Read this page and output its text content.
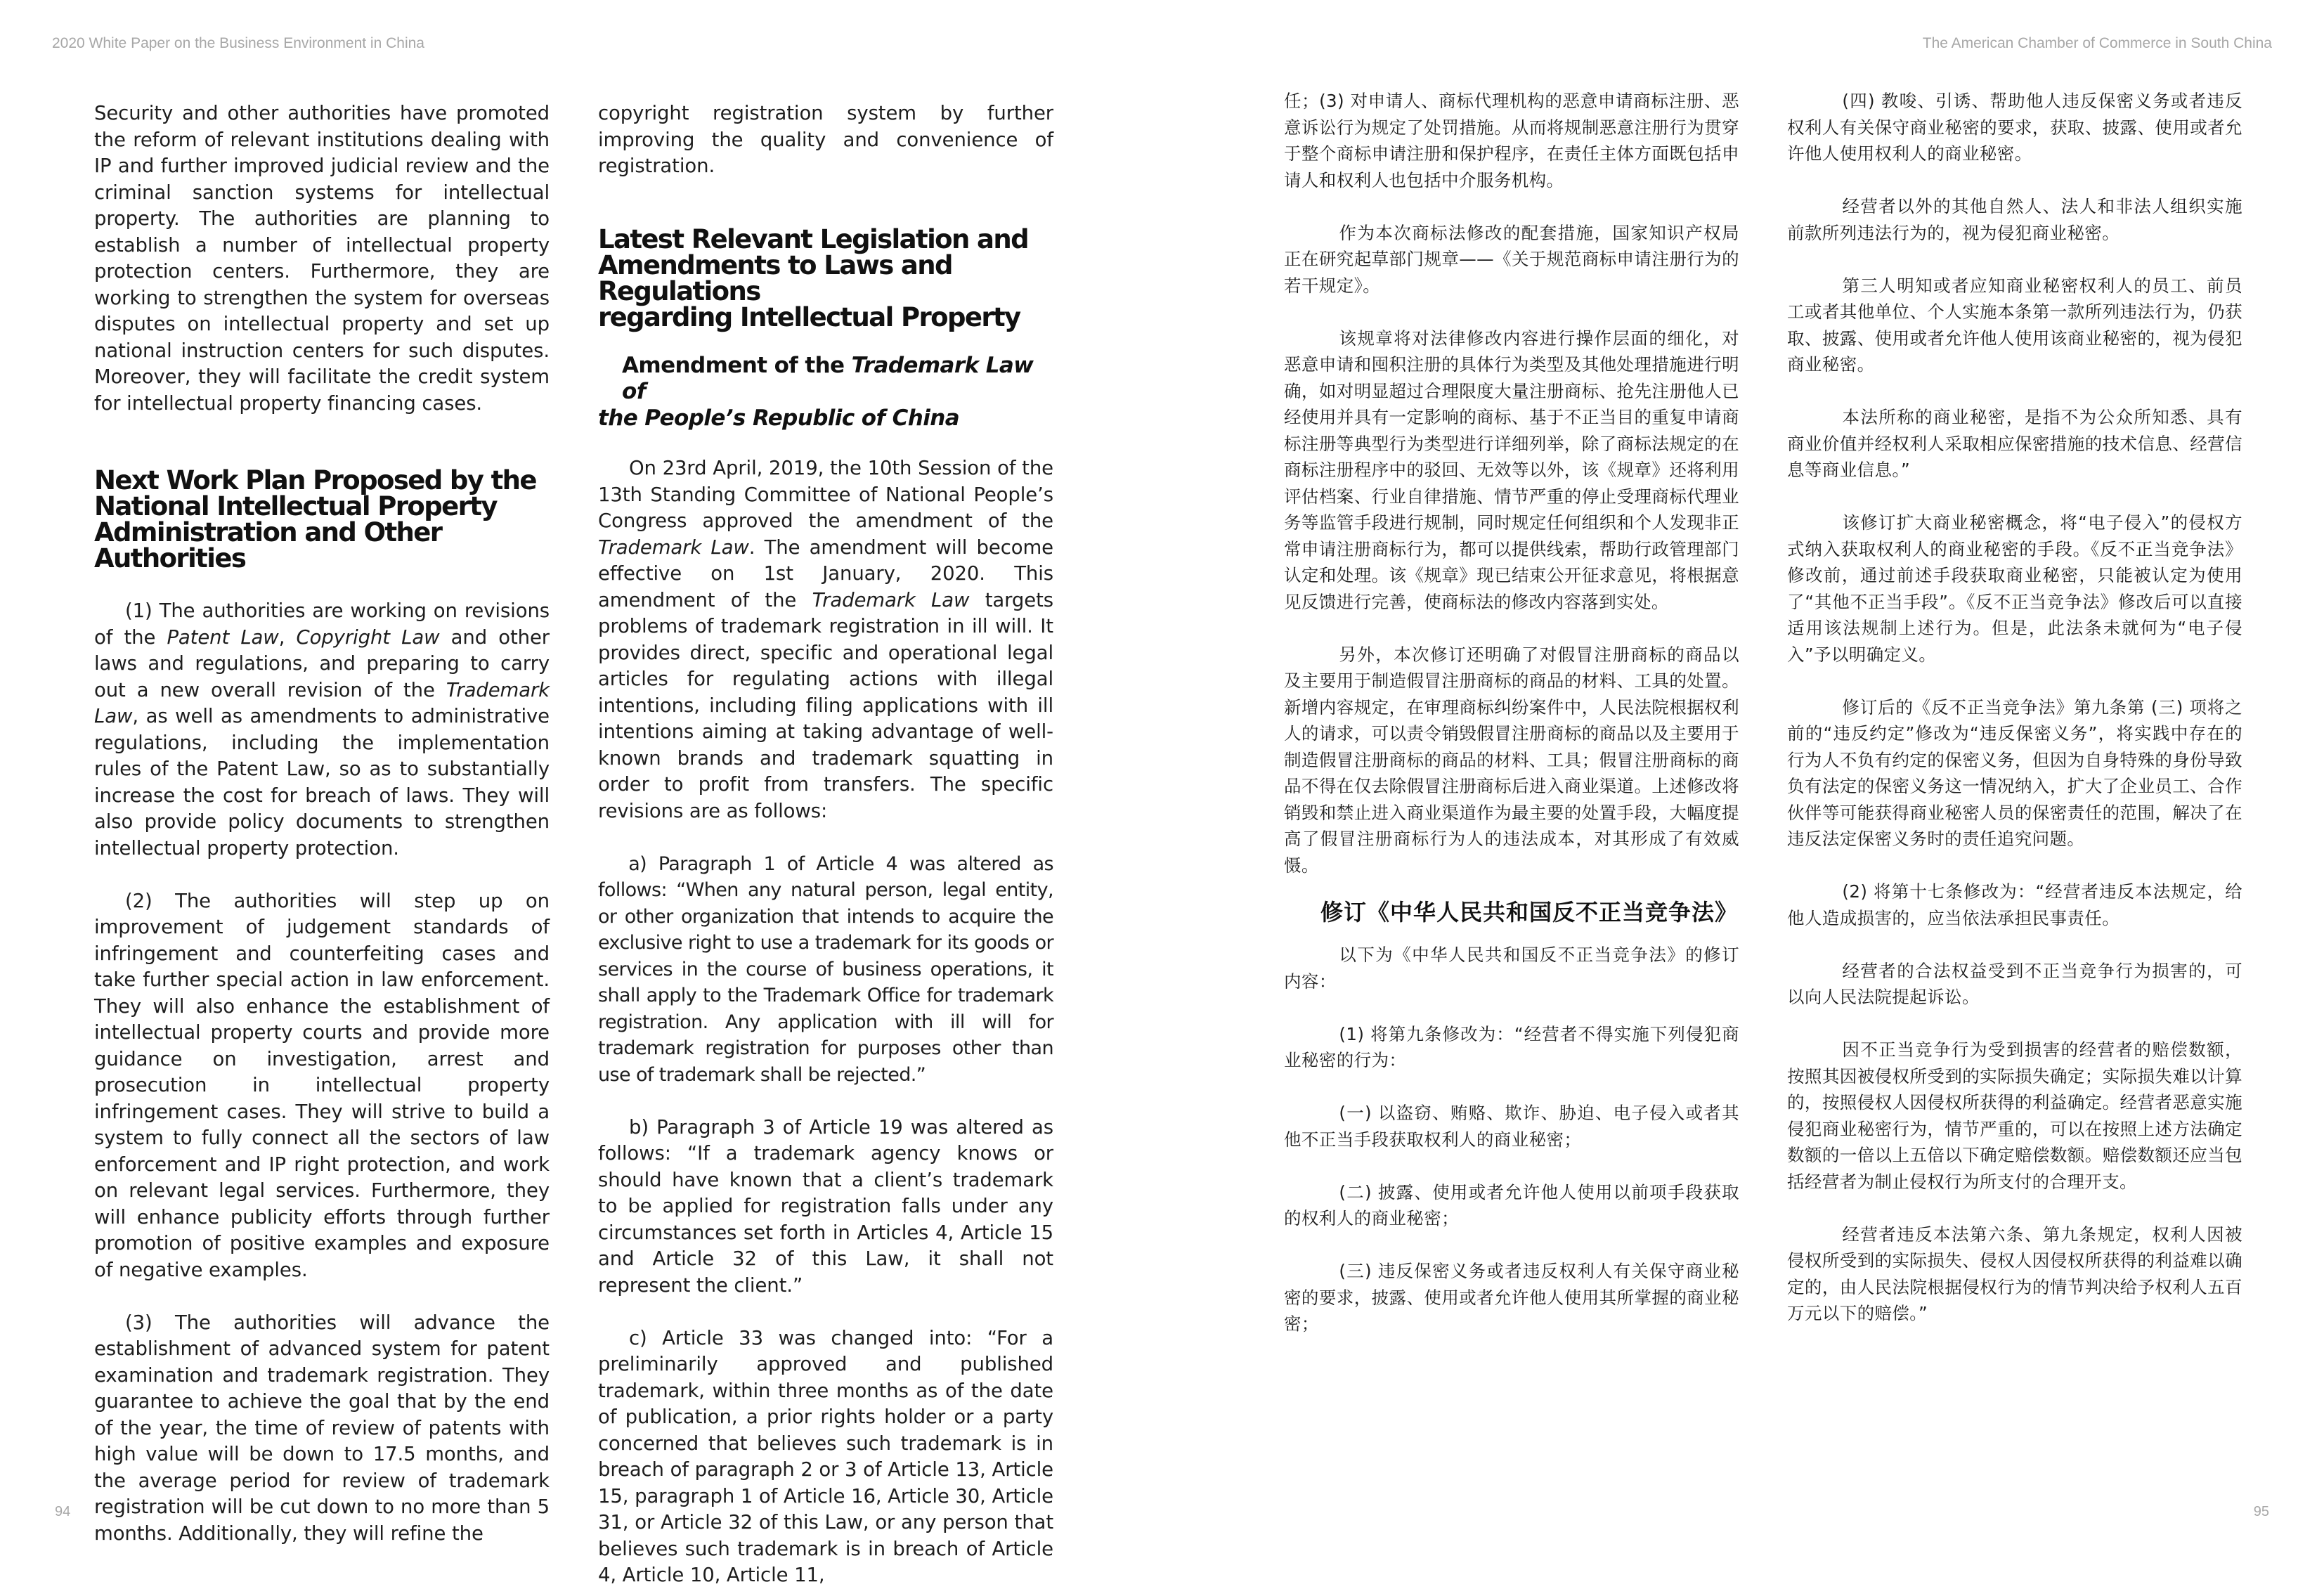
2020 White Paper on the Business Environment in China	The American Chamber of Commerce in South China

Security and other authorities have promoted the reform of relevant institutions dealing with IP and further improved judicial review and the criminal sanction systems for intellectual property. The authorities are planning to establish a number of intellectual property protection centers. Furthermore, they are working to strengthen the system for overseas disputes on intellectual property and set up national instruction centers for such disputes. Moreover, they will facilitate the credit system for intellectual property financing cases.

Next Work Plan Proposed by the
National Intellectual Property
Administration and Other Authorities

(1) The authorities are working on revisions of the Patent Law, Copyright Law and other laws and regulations, and preparing to carry out a new overall revision of the Trademark Law, as well as amendments to administrative regulations, including the implementation rules of the Patent Law, so as to substantially increase the cost for breach of laws. They will also provide policy documents to strengthen intellectual property protection.

(2) The authorities will step up on improvement of judgement standards of infringement and counterfeiting cases and take further special action in law enforcement. They will also enhance the establishment of intellectual property courts and provide more guidance on investigation, arrest and prosecution in intellectual property infringement cases. They will strive to build a system to fully connect all the sectors of law enforcement and IP right protection, and work on relevant legal services. Furthermore, they will enhance publicity efforts through further promotion of positive examples and exposure of negative examples.

(3) The authorities will advance the establishment of advanced system for patent examination and trademark registration. They guarantee to achieve the goal that by the end of the year, the time of review of patents with high value will be down to 17.5 months, and the average period for review of trademark registration will be cut down to no more than 5 months. Additionally, they will refine the

copyright registration system by further improving the quality and convenience of registration.

Latest Relevant Legislation and
Amendments to Laws and Regulations
regarding Intellectual Property
Amendment of the Trademark Law of
the People’s Republic of China

On 23rd April, 2019, the 10th Session of the 13th Standing Committee of National People’s Congress approved the amendment of the Trademark Law. The amendment will become effective on 1st January, 2020. This amendment of the Trademark Law targets problems of trademark registration in ill will. It provides direct, specific and operational legal articles for regulating actions with illegal intentions, including filing applications with ill intentions aiming at taking advantage of well-known brands and trademark squatting in order to profit from transfers. The specific revisions are as follows:

a) Paragraph 1 of Article 4 was altered as follows: “When any natural person, legal entity, or other organization that intends to acquire the exclusive right to use a trademark for its goods or services in the course of business operations, it shall apply to the Trademark Office for trademark registration. Any application with ill will for trademark registration for purposes other than use of trademark shall be rejected.”

b) Paragraph 3 of Article 19 was altered as follows: “If a trademark agency knows or should have known that a client’s trademark to be applied for registration falls under any circumstances set forth in Articles 4, Article 15 and Article 32 of this Law, it shall not represent the client.”

c) Article 33 was changed into: “For a preliminarily approved and published trademark, within three months as of the date of publication, a prior rights holder or a party concerned that believes such trademark is in breach of paragraph 2 or 3 of Article 13, Article 15, paragraph 1 of Article 16, Article 30, Article 31, or Article 32 of this Law, or any person that believes such trademark is in breach of Article 4, Article 10, Article 11,

任；(3) 对申请人、商标代理机构的恶意申请商标注册、恶意诉讼行为规定了处罚措施。从而将规制恶意注册行为贯穿于整个商标申请注册和保护程序，在责任主体方面既包括申请人和权利人也包括中介服务机构。

作为本次商标法修改的配套措施，国家知识产权局正在研究起草部门规章——《关于规范商标申请注册行为的若干规定》。

该规章将对法律修改内容进行操作层面的细化，对恶意申请和囤积注册的具体行为类型及其他处理措施进行明确，如对明显超过合理限度大量注册商标、抢先注册他人已经使用并具有一定影响的商标、基于不正当目的重复申请商标注册等典型行为类型进行详细列举，除了商标法规定的在商标注册程序中的驳回、无效等以外，该《规章》还将利用评估档案、行业自律措施、情节严重的停止受理商标代理业务等监管手段进行规制，同时规定任何组织和个人发现非正常申请注册商标行为，都可以提供线索，帮助行政管理部门认定和处理。该《规章》现已结束公开征求意见，将根据意见反馈进行完善，使商标法的修改内容落到实处。

另外，本次修订还明确了对假冒注册商标的商品以及主要用于制造假冒注册商标的商品的材料、工具的处置。新增内容规定，在审理商标纠纷案件中，人民法院根据权利人的请求，可以责令销毁假冒注册商标的商品以及主要用于制造假冒注册商标的商品的材料、工具；假冒注册商标的商品不得在仅去除假冒注册商标后进入商业渠道。上述修改将销毁和禁止进入商业渠道作为最主要的处置手段，大幅度提高了假冒注册商标行为人的违法成本，对其形成了有效威慑。

修订《中华人民共和国反不正当竞争法》

以下为《中华人民共和国反不正当竞争法》的修订内容：

(1) 将第九条修改为：“经营者不得实施下列侵犯商业秘密的行为：

(一) 以盗窃、贿赂、欺诈、胁迫、电子侵入或者其他不正当手段获取权利人的商业秘密；

(二) 披露、使用或者允许他人使用以前项手段获取的权利人的商业秘密；

(三) 违反保密义务或者违反权利人有关保守商业秘密的要求，披露、使用或者允许他人使用其所掌握的商业秘密；

(四) 教唆、引诱、帮助他人违反保密义务或者违反权利人有关保守商业秘密的要求，获取、披露、使用或者允许他人使用权利人的商业秘密。

经营者以外的其他自然人、法人和非法人组织实施前款所列违法行为的，视为侵犯商业秘密。

第三人明知或者应知商业秘密权利人的员工、前员工或者其他单位、个人实施本条第一款所列违法行为，仍获取、披露、使用或者允许他人使用该商业秘密的，视为侵犯商业秘密。

本法所称的商业秘密，是指不为公众所知悉、具有商业价值并经权利人采取相应保密措施的技术信息、经营信息等商业信息。”

该修订扩大商业秘密概念，将“电子侵入”的侵权方式纳入获取权利人的商业秘密的手段。《反不正当竞争法》修改前，通过前述手段获取商业秘密，只能被认定为使用了“其他不正当手段”。《反不正当竞争法》修改后可以直接适用该法规制上述行为。但是，此法条未就何为“电子侵入”予以明确定义。

修订后的《反不正当竞争法》第九条第 (三) 项将之前的“违反约定”修改为“违反保密义务”，将实践中存在的行为人不负有约定的保密义务，但因为自身特殊的身份导致负有法定的保密义务这一情况纳入，扩大了企业员工、合作伙伴等可能获得商业秘密人员的保密责任的范围，解决了在违反法定保密义务时的责任追究问题。

(2) 将第十七条修改为：“经营者违反本法规定，给他人造成损害的，应当依法承担民事责任。

经营者的合法权益受到不正当竞争行为损害的，可以向人民法院提起诉讼。

因不正当竞争行为受到损害的经营者的赔偿数额，按照其因被侵权所受到的实际损失确定；实际损失难以计算的，按照侵权人因侵权所获得的利益确定。经营者恶意实施侵犯商业秘密行为，情节严重的，可以在按照上述方法确定数额的一倍以上五倍以下确定赔偿数额。赔偿数额还应当包括经营者为制止侵权行为所支付的合理开支。

经营者违反本法第六条、第九条规定，权利人因被侵权所受到的实际损失、侵权人因侵权所获得的利益难以确定的，由人民法院根据侵权行为的情节判决给予权利人五百万元以下的赔偿。”

94	95
